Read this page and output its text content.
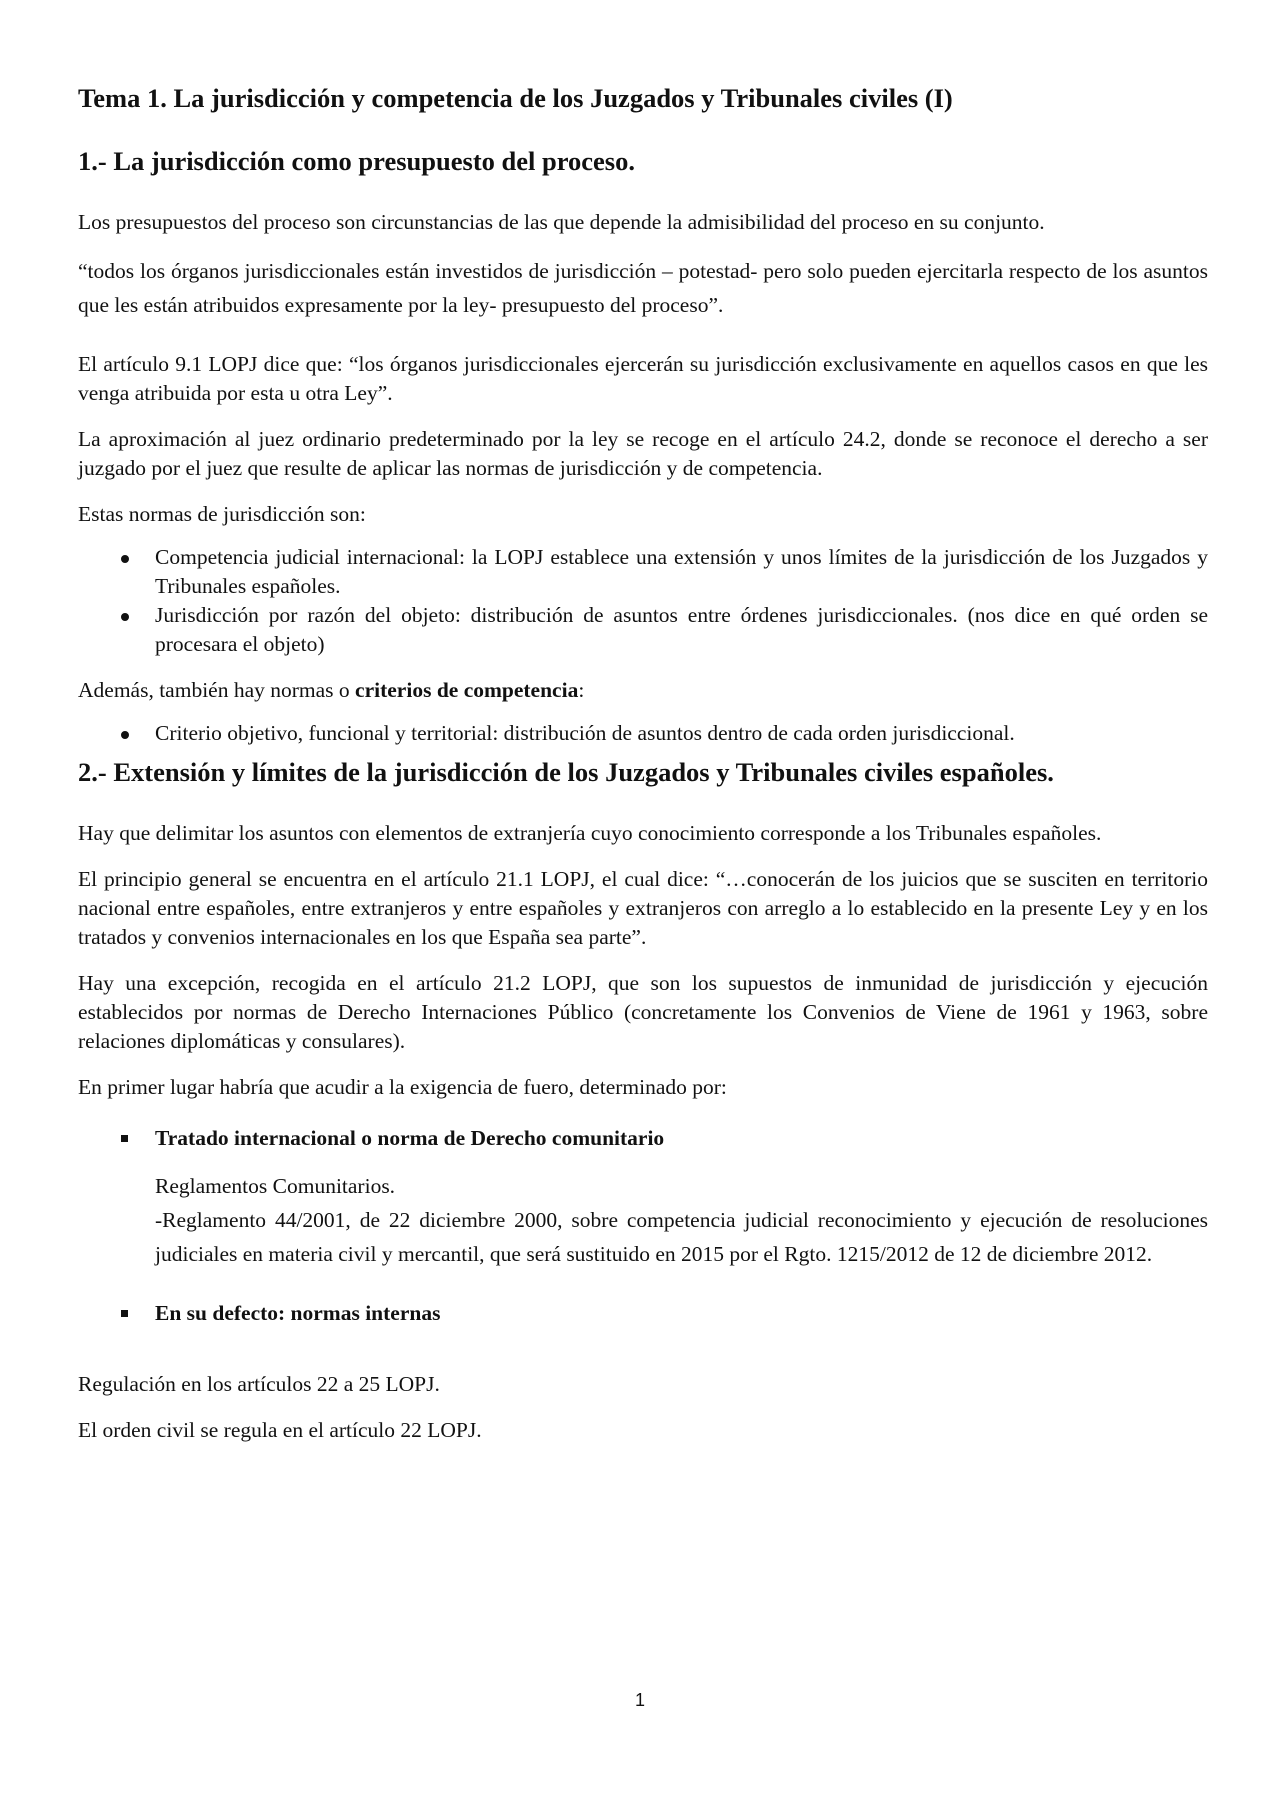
Tema 1. La jurisdicción y competencia de los Juzgados y Tribunales civiles (I)
1.- La jurisdicción como presupuesto del proceso.

Los presupuestos del proceso son circunstancias de las que depende la admisibilidad del proceso en su conjunto.

“todos los órganos jurisdiccionales están investidos de jurisdicción – potestad- pero solo pueden ejercitarla respecto de los asuntos que les están atribuidos expresamente por la ley- presupuesto del proceso”.

El artículo 9.1 LOPJ dice que: “los órganos jurisdiccionales ejercerán su jurisdicción exclusivamente en aquellos casos en que les venga atribuida por esta u otra Ley”.

La aproximación al juez ordinario predeterminado por la ley se recoge en el artículo 24.2, donde se reconoce el derecho a ser juzgado por el juez que resulte de aplicar las normas de jurisdicción y de competencia.

Estas normas de jurisdicción son:

Competencia judicial internacional: la LOPJ establece una extensión y unos límites de la jurisdicción de los Juzgados y Tribunales españoles.
Jurisdicción por razón del objeto: distribución de asuntos entre órdenes jurisdiccionales. (nos dice en qué orden se procesara el objeto)

Además, también hay normas o criterios de competencia:

Criterio objetivo, funcional y territorial: distribución de asuntos dentro de cada orden jurisdiccional.
2.- Extensión y límites de la jurisdicción de los Juzgados y Tribunales civiles españoles.

Hay que delimitar los asuntos con elementos de extranjería cuyo conocimiento corresponde a los Tribunales españoles.

El principio general se encuentra en el artículo 21.1 LOPJ, el cual dice: “…conocerán de los juicios que se susciten en territorio nacional entre españoles, entre extranjeros y entre españoles y extranjeros con arreglo a lo establecido en la presente Ley y en los tratados y convenios internacionales en los que España sea parte”.

Hay una excepción, recogida en el artículo 21.2 LOPJ, que son los supuestos de inmunidad de jurisdicción y ejecución establecidos por normas de Derecho Internaciones Público (concretamente los Convenios de Viene de 1961 y 1963, sobre relaciones diplomáticas y consulares).

En primer lugar habría que acudir a la exigencia de fuero, determinado por:

Tratado internacional o norma de Derecho comunitario

Reglamentos Comunitarios.

-Reglamento 44/2001, de 22 diciembre 2000, sobre competencia judicial reconocimiento y ejecución de resoluciones judiciales en materia civil y mercantil, que será sustituido en 2015 por el Rgto. 1215/2012 de 12 de diciembre 2012.

En su defecto: normas internas

Regulación en los artículos 22 a 25 LOPJ.

El orden civil se regula en el artículo 22 LOPJ.

1
